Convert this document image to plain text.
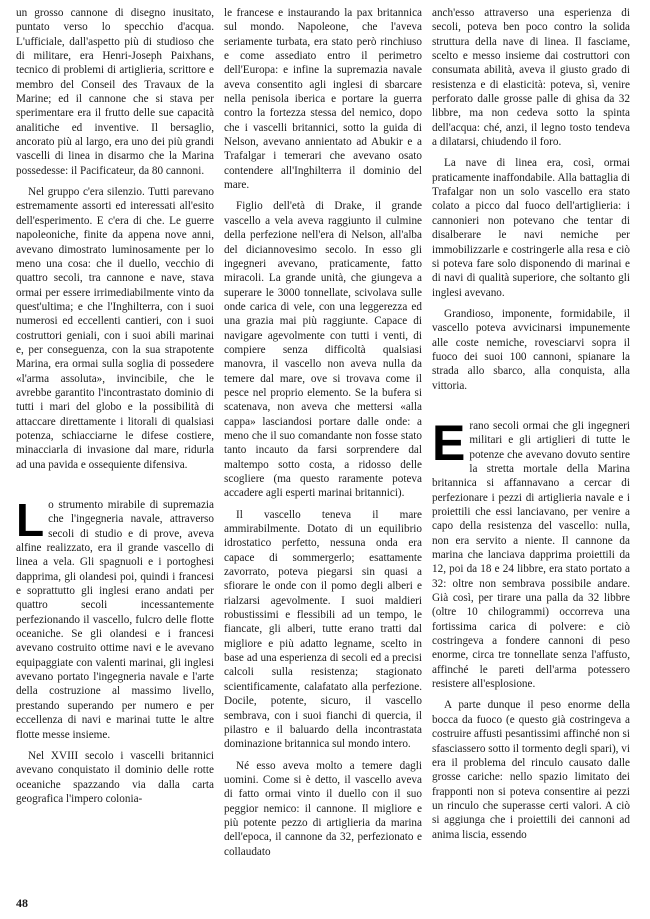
un grosso cannone di disegno inusitato, puntato verso lo specchio d'acqua. L'ufficiale, dall'aspetto più di studioso che di militare, era Henri-Joseph Paixhans, tecnico di problemi di artiglieria, scrittore e membro del Conseil des Travaux de la Marine; ed il cannone che si stava per sperimentare era il frutto delle sue capacità analitiche ed inventive. Il bersaglio, ancorato più al largo, era uno dei più grandi vascelli di linea in disarmo che la Marina possedesse: il Pacificateur, da 80 cannoni.

Nel gruppo c'era silenzio. Tutti parevano estremamente assorti ed interessati all'esito dell'esperimento. E c'era di che. Le guerre napoleoniche, finite da appena nove anni, avevano dimostrato luminosamente per lo meno una cosa: che il duello, vecchio di quattro secoli, tra cannone e nave, stava ormai per essere irrimediabilmente vinto da quest'ultima; e che l'Inghilterra, con i suoi numerosi ed eccellenti cantieri, con i suoi costruttori geniali, con i suoi abili marinai e, per conseguenza, con la sua strapotente Marina, era ormai sulla soglia di possedere «l'arma assoluta», invincibile, che le avrebbe garantito l'incontrastato dominio di tutti i mari del globo e la possibilità di attaccare direttamente i litorali di qualsiasi potenza, schiacciarne le difese costiere, minacciarla di invasione dal mare, ridurla ad una pavida e ossequiente difensiva.

Lo strumento mirabile di supremazia che l'ingegneria navale, attraverso secoli di studio e di prove, aveva alfine realizzato, era il grande vascello di linea a vela. Gli spagnuoli e i portoghesi dapprima, gli olandesi poi, quindi i francesi e soprattutto gli inglesi erano andati per quattro secoli incessantemente perfezionando il vascello, fulcro delle flotte oceaniche. Se gli olandesi e i francesi avevano costruito ottime navi e le avevano equipaggiate con valenti marinai, gli inglesi avevano portato l'ingegneria navale e l'arte della costruzione al massimo livello, prestando superando per numero e per eccellenza di navi e marinai tutte le altre flotte messe insieme.

Nel XVIII secolo i vascelli britannici avevano conquistato il dominio delle rotte oceaniche spazzando via dalla carta geografica l'impero colonia-

le francese e instaurando la pax britannica sul mondo. Napoleone, che l'aveva seriamente turbata, era stato però rinchiuso e come assediato entro il perimetro dell'Europa: e infine la supremazia navale aveva consentito agli inglesi di sbarcare nella penisola iberica e portare la guerra contro la fortezza stessa del nemico, dopo che i vascelli britannici, sotto la guida di Nelson, avevano annientato ad Abukir e a Trafalgar i temerari che avevano osato contendere all'Inghilterra il dominio del mare.

Figlio dell'età di Drake, il grande vascello a vela aveva raggiunto il culmine della perfezione nell'era di Nelson, all'alba del diciannovesimo secolo. In esso gli ingegneri avevano, praticamente, fatto miracoli. La grande unità, che giungeva a superare le 3000 tonnellate, scivolava sulle onde carica di vele, con una leggerezza ed una grazia mai più raggiunte. Capace di navigare agevolmente con tutti i venti, di compiere senza difficoltà qualsiasi manovra, il vascello non aveva nulla da temere dal mare, ove si trovava come il pesce nel proprio elemento. Se la bufera si scatenava, non aveva che mettersi «alla cappa» lasciandosi portare dalle onde: a meno che il suo comandante non fosse stato tanto incauto da farsi sorprendere dal maltempo sotto costa, a ridosso delle scogliere (ma questo raramente poteva accadere agli esperti marinai britannici).

Il vascello teneva il mare ammirabilmente. Dotato di un equilibrio idrostatico perfetto, nessuna onda era capace di sommergerlo; esattamente zavorrato, poteva piegarsi sin quasi a sfiorare le onde con il pomo degli alberi e rialzarsi agevolmente. I suoi maldieri robustissimi e flessibili ad un tempo, le fiancate, gli alberi, tutte erano tratti dal migliore e più adatto legname, scelto in base ad una esperienza di secoli ed a precisi calcoli sulla resistenza; stagionato scientificamente, calafatato alla perfezione. Docile, potente, sicuro, il vascello sembrava, con i suoi fianchi di quercia, il pilastro e il baluardo della incontrastata dominazione britannica sul mondo intero.

Né esso aveva molto a temere dagli uomini. Come si è detto, il vascello aveva di fatto ormai vinto il duello con il suo peggior nemico: il cannone. Il migliore e più potente pezzo di artiglieria da marina dell'epoca, il cannone da 32, perfezionato e collaudato

anch'esso attraverso una esperienza di secoli, poteva ben poco contro la solida struttura della nave di linea. Il fasciame, scelto e messo insieme dai costruttori con consumata abilità, aveva il giusto grado di resistenza e di elasticità: poteva, sì, venire perforato dalle grosse palle di ghisa da 32 libbre, ma non cedeva sotto la spinta dell'acqua: ché, anzi, il legno tosto tendeva a dilatarsi, chiudendo il foro.

La nave di linea era, così, ormai praticamente inaffondabile. Alla battaglia di Trafalgar non un solo vascello era stato colato a picco dal fuoco dell'artiglieria: i cannonieri non potevano che tentar di disalberare le navi nemiche per immobilizzarle e costringerle alla resa e ciò si poteva fare solo disponendo di marinai e di navi di qualità superiore, che soltanto gli inglesi avevano.

Grandioso, imponente, formidabile, il vascello poteva avvicinarsi impunemente alle coste nemiche, rovesciarvi sopra il fuoco dei suoi 100 cannoni, spianare la strada allo sbarco, alla conquista, alla vittoria.

Erano secoli ormai che gli ingegneri militari e gli artiglieri di tutte le potenze che avevano dovuto sentire la stretta mortale della Marina britannica si affannavano a cercar di perfezionare i pezzi di artiglieria navale e i proiettili che essi lanciavano, per venire a capo della resistenza del vascello: nulla, non era servito a niente. Il cannone da marina che lanciava dapprima proiettili da 12, poi da 18 e 24 libbre, era stato portato a 32: oltre non sembrava possibile andare. Già così, per tirare una palla da 32 libbre (oltre 10 chilogrammi) occorreva una fortissima carica di polvere: e ciò costringeva a fondere cannoni di peso enorme, circa tre tonnellate senza l'affusto, affinché le pareti dell'arma potessero resistere all'esplosione.

A parte dunque il peso enorme della bocca da fuoco (e questo già costringeva a costruire affusti pesantissimi affinché non si sfasciassero sotto il tormento degli spari), vi era il problema del rinculo causato dalle grosse cariche: nello spazio limitato dei frapponti non si poteva consentire ai pezzi un rinculo che superasse certi valori. A ciò si aggiunga che i proiettili dei cannoni ad anima liscia, essendo

48
